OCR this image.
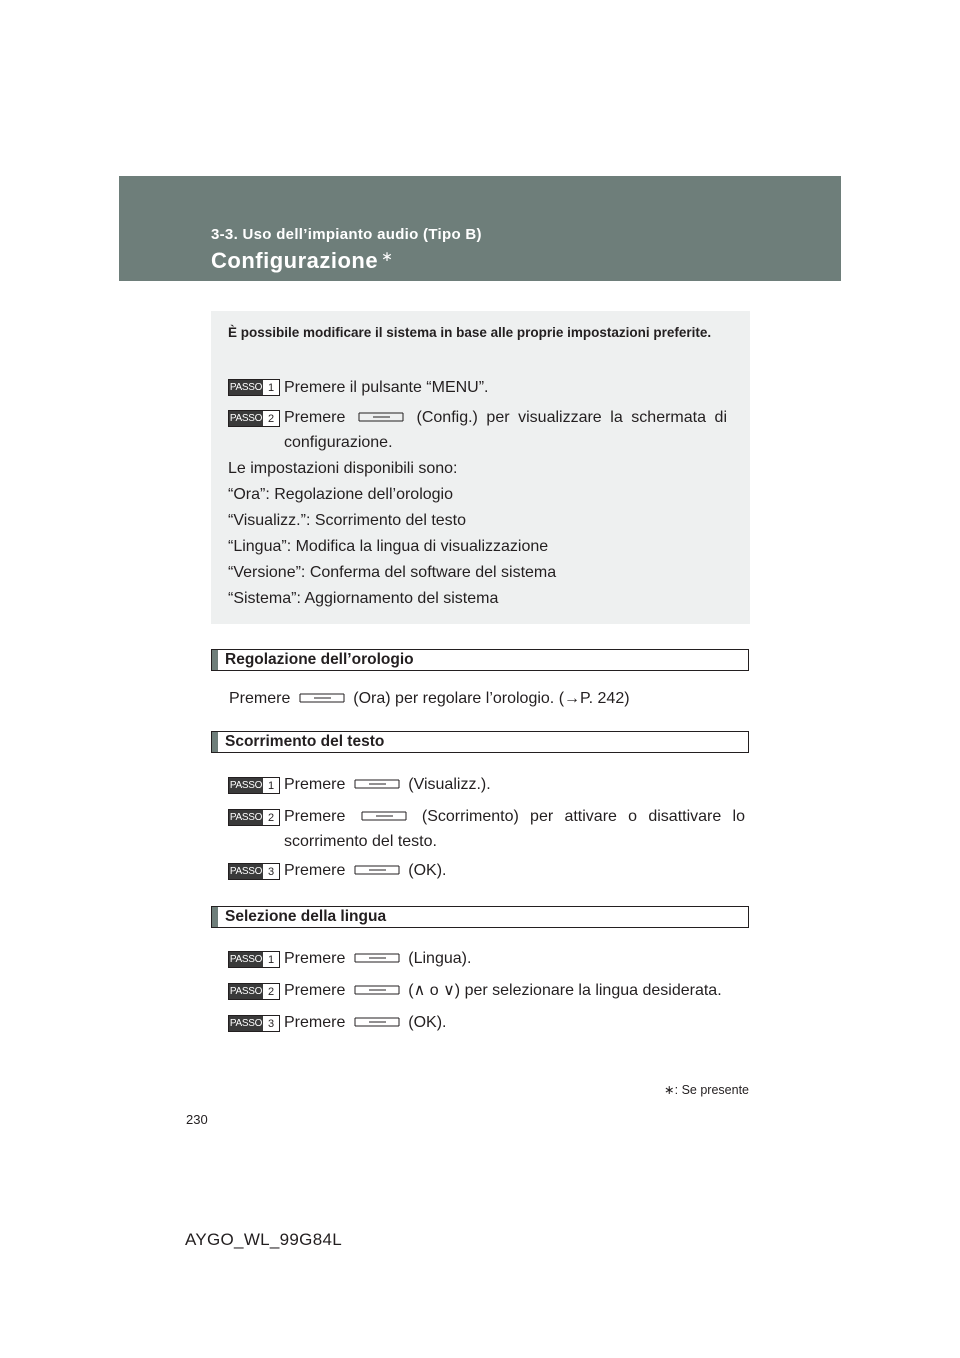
3-3. Uso dell’impianto audio (Tipo B)
Configurazione ∗
È possibile modificare il sistema in base alle proprie impostazioni preferite.
PASSO 1 Premere il pulsante “MENU”.
PASSO 2 Premere	(Config.) per visualizzare la schermata di
configurazione.
Le impostazioni disponibili sono:
“Ora”: Regolazione dell’orologio
“Visualizz.”: Scorrimento del testo
“Lingua”: Modifica la lingua di visualizzazione
“Versione”: Conferma del software del sistema
“Sistema”: Aggiornamento del sistema
Regolazione dell’orologio
Premere	(Ora) per regolare l’orologio. (→P. 242)
Scorrimento del testo
PASSO 1 Premere	(Visualizz.).
PASSO 2 Premere	(Scorrimento) per attivare o disattivare lo
scorrimento del testo.
PASSO 3 Premere	(OK).
Selezione della lingua
PASSO 1 Premere	(Lingua).
PASSO 2 Premere	(∧ o ∨) per selezionare la lingua desiderata.
PASSO 3 Premere	(OK).
∗: Se presente
230
AYGO_WL_99G84L
